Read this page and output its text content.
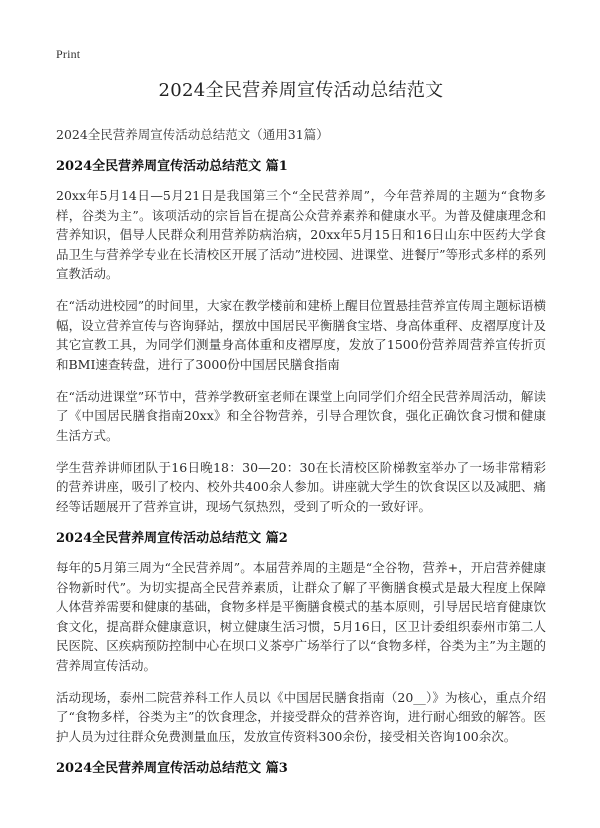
Print
2024全民营养周宣传活动总结范文
2024全民营养周宣传活动总结范文（通用31篇）
2024全民营养周宣传活动总结范文 篇1

20xx年5月14日—5月21日是我国第三个“全民营养周”，今年营养周的主题为“食物多样，谷类为主”。该项活动的宗旨旨在提高公众营养素养和健康水平。为普及健康理念和营养知识，倡导人民群众利用营养防病治病，20xx年5月15日和16日山东中医药大学食品卫生与营养学专业在长清校区开展了活动”进校园、进课堂、进餐厅”等形式多样的系列宣教活动。

在“活动进校园”的时间里，大家在教学楼前和建桥上醒目位置悬挂营养宣传周主题标语横幅，设立营养宣传与咨询驿站，摆放中国居民平衡膳食宝塔、身高体重秤、皮褶厚度计及其它宣教工具，为同学们测量身高体重和皮褶厚度，发放了1500份营养周营养宣传折页和BMI速查转盘，进行了3000份中国居民膳食指南

在“活动进课堂”环节中，营养学教研室老师在课堂上向同学们介绍全民营养周活动，解读了《中国居民膳食指南20xx》和全谷物营养，引导合理饮食，强化正确饮食习惯和健康生活方式。

学生营养讲师团队于16日晚18：30—20：30在长清校区阶梯教室举办了一场非常精彩的营养讲座，吸引了校内、校外共400余人参加。讲座就大学生的饮食误区以及减肥、痛经等话题展开了营养宣讲，现场气氛热烈，受到了听众的一致好评。

2024全民营养周宣传活动总结范文 篇2

每年的5月第三周为“全民营养周”。本届营养周的主题是“全谷物，营养+，开启营养健康谷物新时代”。为切实提高全民营养素质，让群众了解了平衡膳食模式是最大程度上保障人体营养需要和健康的基础，食物多样是平衡膳食模式的基本原则，引导居民培育健康饮食文化，提高群众健康意识，树立健康生活习惯，5月16日，区卫计委组织泰州市第二人民医院、区疾病预防控制中心在坝口义茶亭广场举行了以“食物多样，谷类为主”为主题的营养周宣传活动。

活动现场，泰州二院营养科工作人员以《中国居民膳食指南（20__）》为核心，重点介绍了“食物多样，谷类为主”的饮食理念，并接受群众的营养咨询，进行耐心细致的解答。医护人员为过往群众免费测量血压，发放宣传资料300余份，接受相关咨询100余次。

2024全民营养周宣传活动总结范文 篇3
